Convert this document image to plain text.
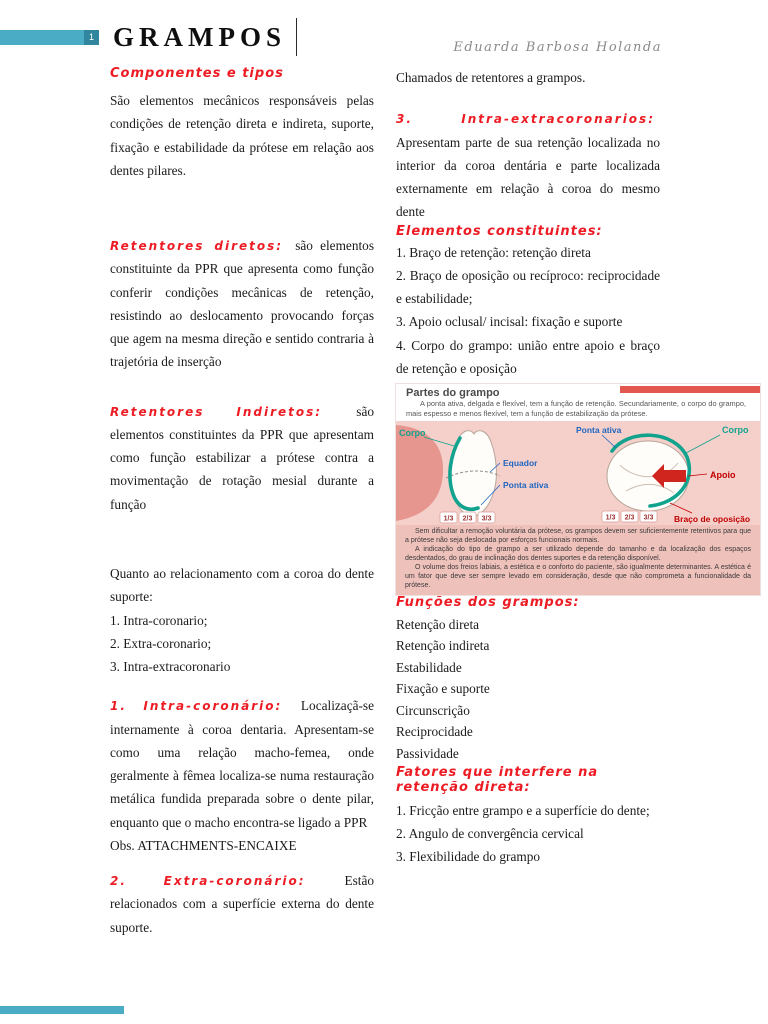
1 GRAMPOS	Eduarda Barbosa Holanda
Componentes e tipos

São elementos mecânicos responsáveis pelas condições de retenção direta e indireta, suporte, fixação e estabilidade da prótese em relação aos dentes pilares.

Retentores diretos: são elementos constituinte da PPR que apresenta como função conferir condições mecânicas de retenção, resistindo ao deslocamento provocando forças que agem na mesma direção e sentido contraria à trajetória de inserção

Retentores Indiretos:	são elementos constituintes da PPR que apresentam como função estabilizar a prótese contra a movimentação de rotação mesial durante a função

Quanto ao relacionamento com a coroa do dente suporte:

1. Intra-coronario;

2. Extra-coronario;

3. Intra-extracoronario

1. Intra-coronário: Localizaçã-se internamente à coroa dentaria. Apresentam-se como uma relação macho-femea, onde geralmente à fêmea localiza-se numa restauração metálica fundida preparada sobre o dente pilar, enquanto que o macho encontra-se ligado a PPR

Obs. ATTACHMENTS-ENCAIXE

2. Extra-coronário:	Estão relacionados com a superfície externa do dente suporte.

Chamados de retentores a grampos.

3. Intra-extracoronarios: Apresentam parte de sua retenção localizada no interior da coroa dentária e parte localizada externamente em relação à coroa do mesmo dente

Elementos constituintes:

1. Braço de retenção: retenção direta

2. Braço de oposição ou recíproco: reciprocidade e estabilidade;

3. Apoio oclusal/ incisal: fixação e suporte

4. Corpo do grampo: união entre apoio e braço de retenção e oposição

Partes do grampo
A ponta ativa, delgada e flexível, tem a função de retenção. Secundariamente, o corpo do grampo, mais espesso e menos flexível, tem a função de estabilização da prótese.
Corpo
Equador
Ponta ativa
1/3 2/3 3/3
Ponta ativa	Corpo
Apoio
Braço de oposição
1/3 2/3 3/3

Sem dificultar a remoção voluntária da prótese, os grampos devem ser suficientemente retentivos para que a prótese não seja deslocada por esforços funcionais normais.

A indicação do tipo de grampo a ser utilizado depende do tamanho e da localização dos espaços desdentados, do grau de inclinação dos dentes suportes e da retenção disponível.

O volume dos freios labiais, a estética e o conforto do paciente, são igualmente determinantes. A estética é um fator que deve ser sempre levado em consideração, desde que não comprometa a funcionalidade da prótese.

Funções dos grampos:

Retenção direta

Retenção indireta

Estabilidade

Fixação e suporte

Circunscrição

Reciprocidade

Passividade

Fatores que interfere na retenção direta:

1. Fricção entre grampo e a superfície do dente;

2. Angulo de convergência cervical

3. Flexibilidade do grampo
